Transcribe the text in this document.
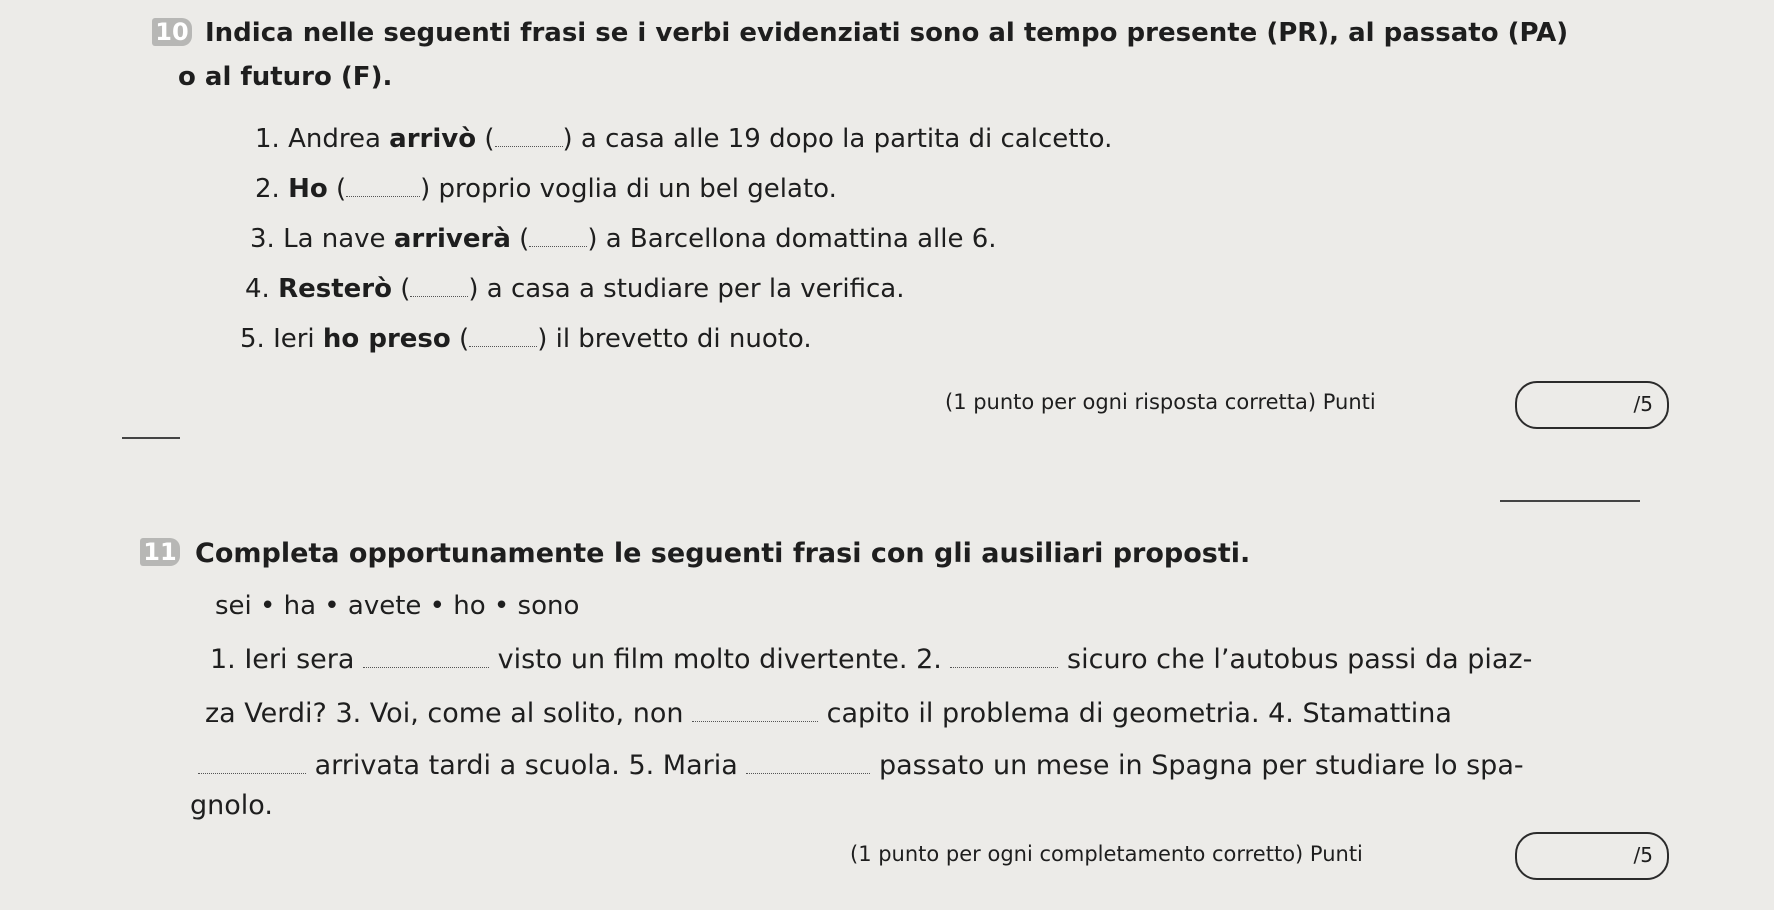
10 Indica nelle seguenti frasi se i verbi evidenziati sono al tempo presente (PR), al passato (PA)
o al futuro (F).
1. Andrea arrivò (	) a casa alle 19 dopo la partita di calcetto.
2. Ho (	) proprio voglia di un bel gelato.
3. La nave arriverà ( ) a Barcellona domattina alle 6.
4. Resterò ( ) a casa a studiare per la verifica.
5. Ieri ho preso (	) il brevetto di nuoto.
(1 punto per ogni risposta corretta) Punti	/5
11 Completa opportunamente le seguenti frasi con gli ausiliari proposti.
sei • ha • avete • ho • sono
1. Ieri sera	visto un film molto divertente. 2.	sicuro che l’autobus passi da piaz-
za Verdi? 3. Voi, come al solito, non	capito il problema di geometria. 4. Stamattina
arrivata tardi a scuola. 5. Maria	passato un mese in Spagna per studiare lo spa-
gnolo.
(1 punto per ogni completamento corretto) Punti	/5
